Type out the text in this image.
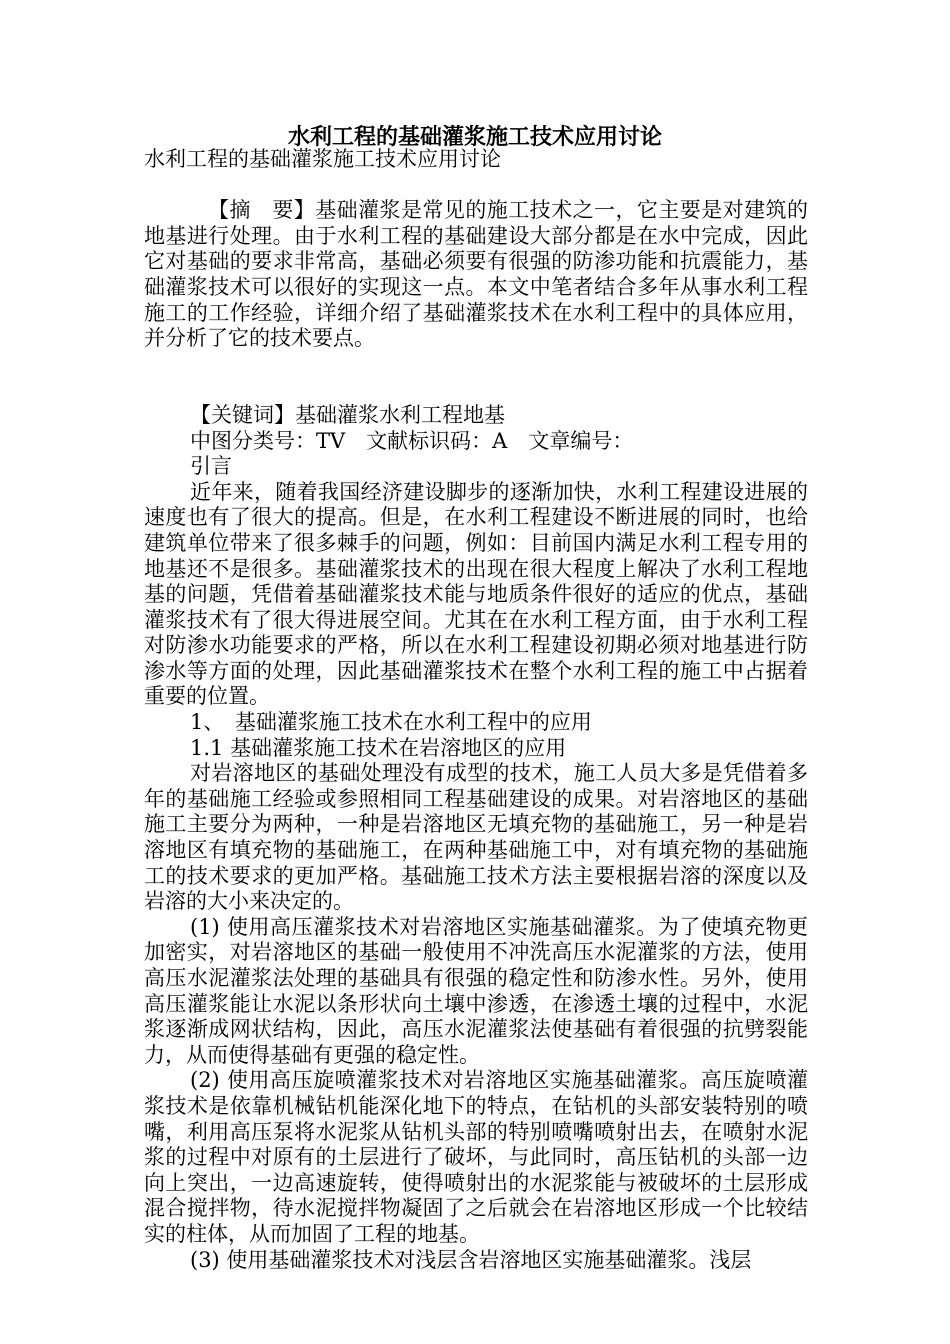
水利工程的基础灌浆施工技术应用讨论

水利工程的基础灌浆施工技术应用讨论

【摘　要】基础灌浆是常见的施工技术之一，它主要是对建筑的地基进行处理。由于水利工程的基础建设大部分都是在水中完成，因此它对基础的要求非常高，基础必须要有很强的防渗功能和抗震能力，基础灌浆技术可以很好的实现这一点。本文中笔者结合多年从事水利工程施工的工作经验，详细介绍了基础灌浆技术在水利工程中的具体应用，并分析了它的技术要点。

【关键词】基础灌浆水利工程地基

中图分类号：TV　文献标识码：A　文章编号：

引言

近年来，随着我国经济建设脚步的逐渐加快，水利工程建设进展的速度也有了很大的提高。但是，在水利工程建设不断进展的同时，也给建筑单位带来了很多棘手的问题，例如：目前国内满足水利工程专用的地基还不是很多。基础灌浆技术的出现在很大程度上解决了水利工程地基的问题，凭借着基础灌浆技术能与地质条件很好的适应的优点，基础灌浆技术有了很大得进展空间。尤其在在水利工程方面，由于水利工程对防渗水功能要求的严格，所以在水利工程建设初期必须对地基进行防渗水等方面的处理，因此基础灌浆技术在整个水利工程的施工中占据着重要的位置。

1、　基础灌浆施工技术在水利工程中的应用

1.1 基础灌浆施工技术在岩溶地区的应用

对岩溶地区的基础处理没有成型的技术，施工人员大多是凭借着多年的基础施工经验或参照相同工程基础建设的成果。对岩溶地区的基础施工主要分为两种，一种是岩溶地区无填充物的基础施工，另一种是岩溶地区有填充物的基础施工，在两种基础施工中，对有填充物的基础施工的技术要求的更加严格。基础施工技术方法主要根据岩溶的深度以及岩溶的大小来决定的。

(1) 使用高压灌浆技术对岩溶地区实施基础灌浆。为了使填充物更加密实，对岩溶地区的基础一般使用不冲洗高压水泥灌浆的方法，使用高压水泥灌浆法处理的基础具有很强的稳定性和防渗水性。另外，使用高压灌浆能让水泥以条形状向土壤中渗透，在渗透土壤的过程中，水泥浆逐渐成网状结构，因此，高压水泥灌浆法使基础有着很强的抗劈裂能力，从而使得基础有更强的稳定性。

(2) 使用高压旋喷灌浆技术对岩溶地区实施基础灌浆。高压旋喷灌浆技术是依靠机械钻机能深化地下的特点，在钻机的头部安装特别的喷嘴，利用高压泵将水泥浆从钻机头部的特别喷嘴喷射出去，在喷射水泥浆的过程中对原有的土层进行了破坏，与此同时，高压钻机的头部一边向上突出，一边高速旋转，使得喷射出的水泥浆能与被破坏的土层形成混合搅拌物，待水泥搅拌物凝固了之后就会在岩溶地区形成一个比较结实的柱体，从而加固了工程的地基。

(3) 使用基础灌浆技术对浅层含岩溶地区实施基础灌浆。浅层
